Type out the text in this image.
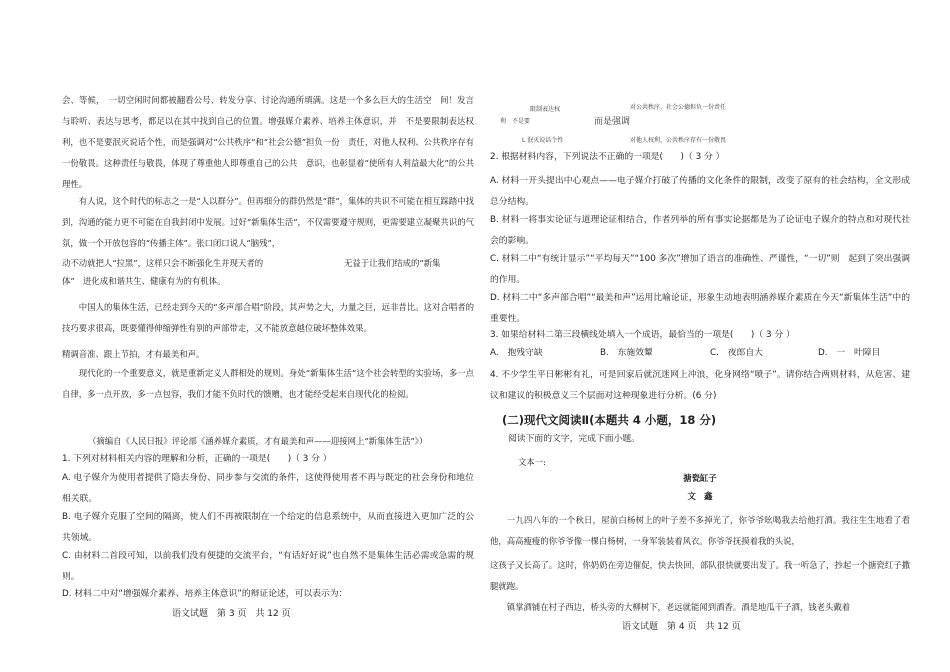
会、等候，　一切空闲时间都被翻看公号、转发分享、讨论沟通所填满。这是一个多么巨大的生活空　间！发言与聆听、表达与思考，都足以在其中找到自己的位置。增强媒介素养、培养主体意识，并　不是要限制表达权利，也不是要泯灭说话个性，而是强调对“公共秩序”和“社会公德”担负一份　责任，对他人权利、公共秩序存有一份敬畏。这种责任与敬畏，体现了尊重他人即尊重自己的公共　意识，也彰显着“使所有人利益最大化”的公共理性。

有人说，这个时代的标志之一是“人以群分”。但再细分的群仍然是“群”，集体的共识不可能在相互踩踏中找到，沟通的能力更不可能在自我封闭中发展。过好“新集体生活”，不仅需要遵守规则，更需要建立凝聚共识的气氛，做一个开放包容的“传播主体”。张口闭口说人“脑残”，

动不动就把人“拉黑”，这样只会不断强化生并现天者的	无益于让我们结成的“新集
体”　进化成和谐共生、健康有为的有机体。

中国人的集体生活，已经走到今天的“多声部合唱”阶段，其声势之大，力量之巨，远非昔比。这对合唱者的技巧要求很高，既要懂得伸缩弹性有别的声部带走，又不能放意越位破坏整体效果。

精调音准、跟上节拍，才有最美和声。

现代化的一个重要意义，就是重新定义人群相处的规则。身处“新集体生活”这个社会转型的实验场，多一点自律，多一点开放，多一点包容，我们才能不负时代的馈赠，也才能经受起来自现代化的检阅。

（摘编自《人民日报》评论部《涵养媒介素质，才有最美和声——迎接网上“新集体生活”》）

1. 下列对材料相关内容的理解和分析，正确的一项是(　　)（ 3 分 ）

A. 电子媒介为使用者提供了隐去身份、同步参与交流的条件，这使得使用者不再与既定的社会身份和地位相关联。

B. 电子媒介克服了空间的隔离，使人们不再被限制在一个给定的信息系统中，从而直接进入更加广泛的公共领域。

C. 由材料二首段可知，以前我们没有便捷的交流平台，“有话好好说”也自然不是集体生活必需或急需的规则。

D. 材料二中对“增强媒介素养、培养主体意识”的辩证论述，可以表示为：

语文试题　第 3 页　共 12 页
限制表达权	对公共秩序、社会公德担负一份责任
利　不是要	而是强调
L 泯灭说话个性	对他人权利、公共秩序存有一份敬畏

2. 根据材料内容，下列说法不正确的一项是(　　)（ 3 分 ）

A. 材料一开头提出中心观点——电子媒介打破了传播的文化条件的限制，改变了原有的社会结构，全文形成总分结构。

B. 材料一将事实论证与道理论证相结合，作者列举的所有事实论据都是为了论证电子媒介的特点和对现代社会的影响。

C. 材料二中“有统计显示”“平均每天”“100 多次”增加了语言的准确性、严谨性，“一切”则　起到了突出强调的作用。

D. 材料二中“多声部合唱”“最美和声”运用比喻论证，形象生动地表明涵养媒介素质在今天“新集体生活”中的重要性。

3. 如果给材料二第三段横线处填入一个成语，最恰当的一项是(　　)（ 3 分 ）

A.　抱残守缺	B.　东施效颦	C.　夜郎自大	D.　一　叶障目

4. 不少学生平日彬彬有礼，可是回家后就沉迷网上冲浪，化身网络“喷子”。请你结合两则材料，从危害、建议和建议的积极意义三个层面对这种现象进行分析。(6 分)

(二)现代文阅读Ⅱ(本题共 4 小题，18 分)
阅读下面的文字，完成下面小题。
文本一:
搪瓷缸子
文　鑫

一九四八年的一个秋日，屋前白杨树上的叶子差不多掉光了，你爷爷吆喝我去给他打酒。我往生生地看了看他，高高瘦瘦的你爷爷像一棵白杨树，一身军装装着风衣。你爷爷抚摸着我的头说，

这孩子又长高了。这时，你奶奶在旁边催促，快去快回，部队很快就要出发了。我一听急了，抄起一个搪瓷红子撒腿就跑。

镇掌酒铺在村子西边，桥头旁的大柳树下，老远就能闻到酒香。酒是地瓜干子酒，钱老头戴着

语文试题　第 4 页　共 12 页
